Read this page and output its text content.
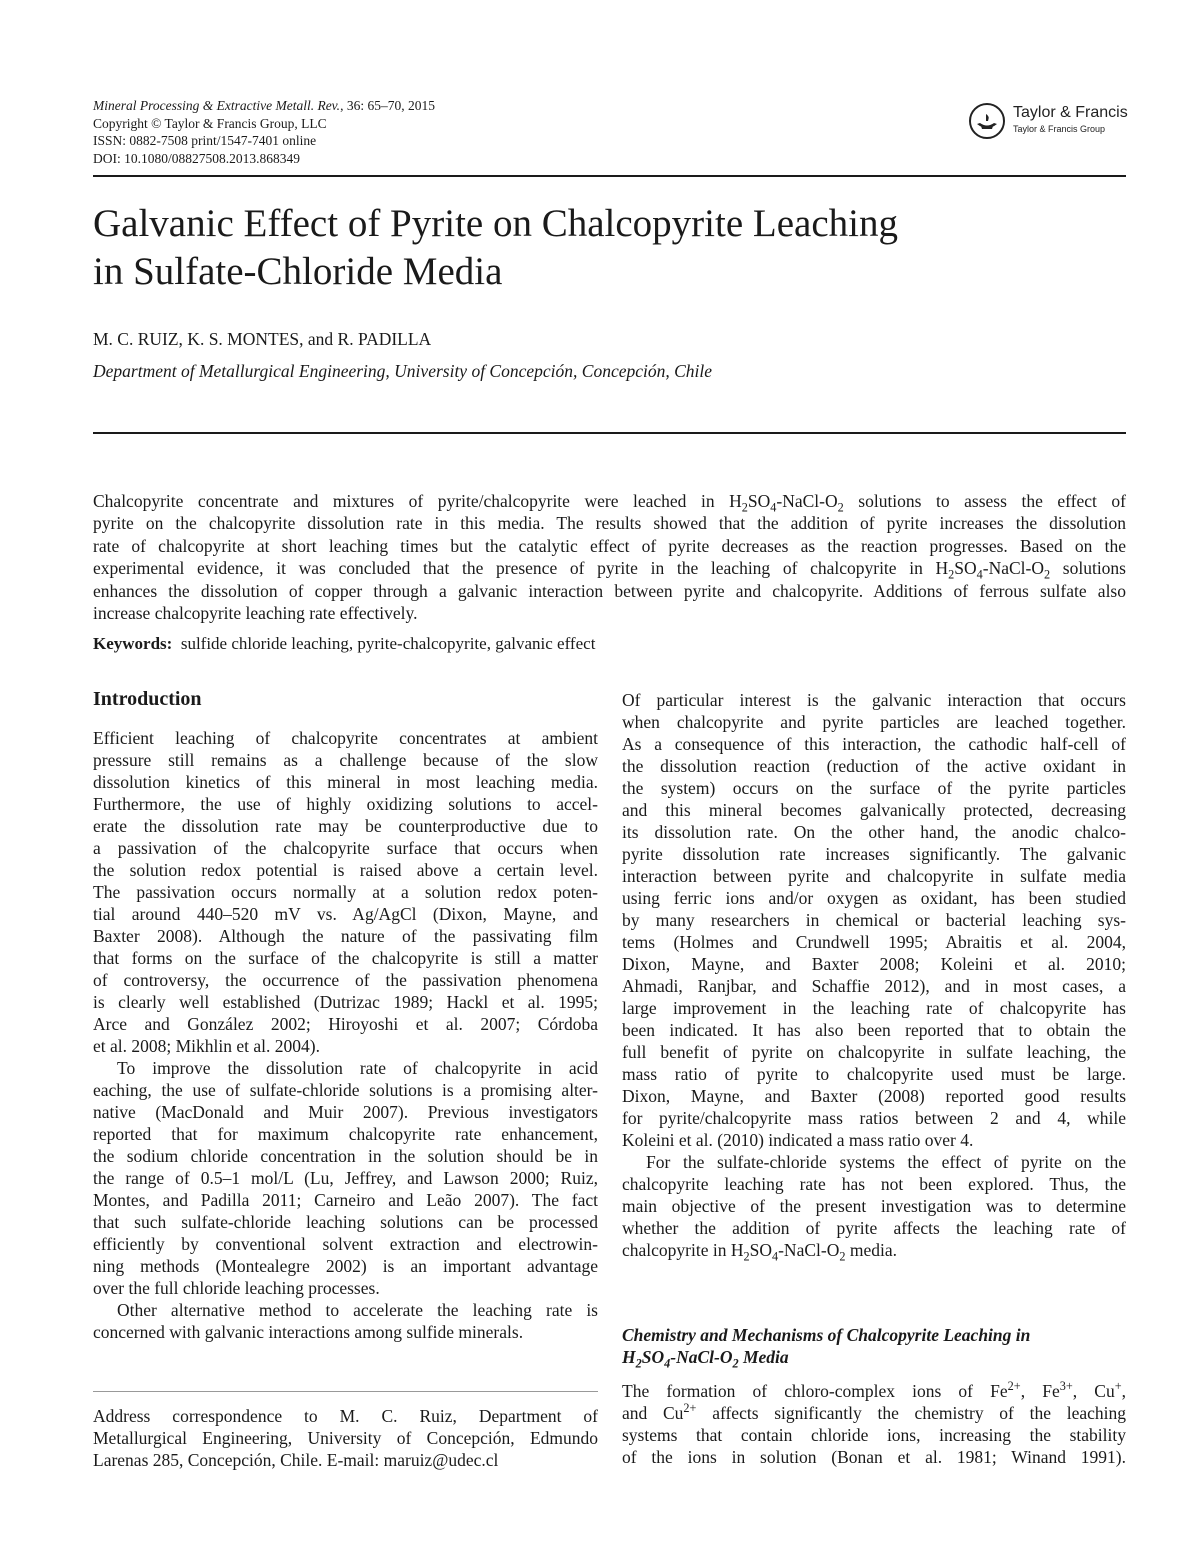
Mineral Processing & Extractive Metall. Rev., 36: 65–70, 2015
Copyright © Taylor & Francis Group, LLC
ISSN: 0882-7508 print/1547-7401 online
DOI: 10.1080/08827508.2013.868349
Taylor & Francis
Taylor & Francis Group
Galvanic Effect of Pyrite on Chalcopyrite Leaching
in Sulfate-Chloride Media
M. C. RUIZ, K. S. MONTES, and R. PADILLA
Department of Metallurgical Engineering, University of Concepción, Concepción, Chile
Chalcopyrite concentrate and mixtures of pyrite/chalcopyrite were leached in $H_2SO_4-NaCl-O_2$ solutions to assess the effect of
pyrite on the chalcopyrite dissolution rate in this media. The results showed that the addition of pyrite increases the dissolution
rate of chalcopyrite at short leaching times but the catalytic effect of pyrite decreases as the reaction progresses. Based on the
experimental evidence, it was concluded that the presence of pyrite in the leaching of chalcopyrite in $H_2SO_4-NaCl-O_2$ solutions
enhances the dissolution of copper through a galvanic interaction between pyrite and chalcopyrite. Additions of ferrous sulfate also
increase chalcopyrite leaching rate effectively.
Keywords: sulfide chloride leaching, pyrite-chalcopyrite, galvanic effect
Introduction
Efficient leaching of chalcopyrite concentrates at ambient
pressure still remains as a challenge because of the slow
dissolution kinetics of this mineral in most leaching media.
Furthermore, the use of highly oxidizing solutions to accel-
erate the dissolution rate may be counterproductive due to
a passivation of the chalcopyrite surface that occurs when
the solution redox potential is raised above a certain level.
The passivation occurs normally at a solution redox poten-
tial around 440–520 mV vs. Ag/AgCl (Dixon, Mayne, and
Baxter 2008). Although the nature of the passivating film
that forms on the surface of the chalcopyrite is still a matter
of controversy, the occurrence of the passivation phenomena
is clearly well established (Dutrizac 1989; Hackl et al. 1995;
Arce and González 2002; Hiroyoshi et al. 2007; Córdoba
et al. 2008; Mikhlin et al. 2004).
To improve the dissolution rate of chalcopyrite in acid
eaching, the use of sulfate-chloride solutions is a promising alter-
native (MacDonald and Muir 2007). Previous investigators
reported that for maximum chalcopyrite rate enhancement,
the sodium chloride concentration in the solution should be in
the range of 0.5–1 mol/L (Lu, Jeffrey, and Lawson 2000; Ruiz,
Montes, and Padilla 2011; Carneiro and Leão 2007). The fact
that such sulfate-chloride leaching solutions can be processed
efficiently by conventional solvent extraction and electrowin-
ning methods (Montealegre 2002) is an important advantage
over the full chloride leaching processes.
Other alternative method to accelerate the leaching rate is
concerned with galvanic interactions among sulfide minerals.
Of particular interest is the galvanic interaction that occurs
when chalcopyrite and pyrite particles are leached together.
As a consequence of this interaction, the cathodic half-cell of
the dissolution reaction (reduction of the active oxidant in
the system) occurs on the surface of the pyrite particles
and this mineral becomes galvanically protected, decreasing
its dissolution rate. On the other hand, the anodic chalco-
pyrite dissolution rate increases significantly. The galvanic
interaction between pyrite and chalcopyrite in sulfate media
using ferric ions and/or oxygen as oxidant, has been studied
by many researchers in chemical or bacterial leaching sys-
tems (Holmes and Crundwell 1995; Abraitis et al. 2004,
Dixon, Mayne, and Baxter 2008; Koleini et al. 2010;
Ahmadi, Ranjbar, and Schaffie 2012), and in most cases, a
large improvement in the leaching rate of chalcopyrite has
been indicated. It has also been reported that to obtain the
full benefit of pyrite on chalcopyrite in sulfate leaching, the
mass ratio of pyrite to chalcopyrite used must be large.
Dixon, Mayne, and Baxter (2008) reported good results
for pyrite/chalcopyrite mass ratios between 2 and 4, while
Koleini et al. (2010) indicated a mass ratio over 4.
For the sulfate-chloride systems the effect of pyrite on the
chalcopyrite leaching rate has not been explored. Thus, the
main objective of the present investigation was to determine
whether the addition of pyrite affects the leaching rate of
chalcopyrite in $H_2SO_4-NaCl-O_2$ media.
Chemistry and Mechanisms of Chalcopyrite Leaching in
$H_2SO_4-NaCl-O_2$ Media
The formation of chloro-complex ions of $Fe^{2+}$, $Fe^{3+}$, Cu+,
and $Cu^{2+}$ affects significantly the chemistry of the leaching
systems that contain chloride ions, increasing the stability
of the ions in solution (Bonan et al. 1981; Winand 1991).
Address correspondence to M. C. Ruiz, Department of
Metallurgical Engineering, University of Concepción, Edmundo
Larenas 285, Concepción, Chile. E-mail: maruiz@udec.cl
